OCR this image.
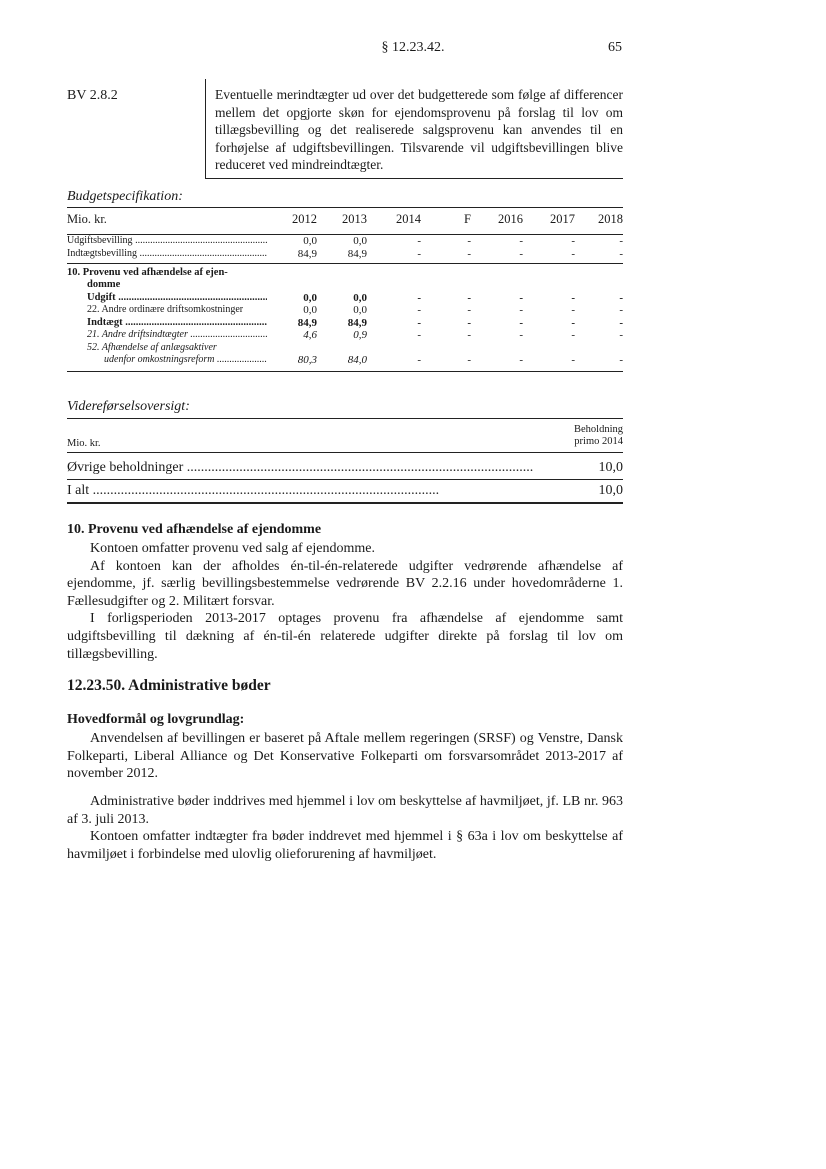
§ 12.23.42.	65
BV 2.8.2	Eventuelle merindtægter ud over det budgetterede som følge af differencer mellem det opgjorte skøn for ejendomsprovenu på forslag til lov om tillægsbevilling og det realiserede salgsprovenu kan anvendes til en forhøjelse af udgiftsbevillingen. Tilsvarende vil udgiftsbevillingen blive reduceret ved mindreindtægter.
Budgetspecifikation:
Mio. kr.	2012	2013	2014	F	2016	2017	2018

Udgiftsbevilling .....	0,0	0,0	-	-	-	-	-
Indtægtsbevilling .....	84,9	84,9	-	-	-	-	-

10. Provenu ved afhændelse af ejen-							
domme							
Udgift .....	0,0	0,0	-	-	-	-	-
22. Andre ordinære driftsomkostninger	0,0	0,0	-	-	-	-	-
Indtægt .....	84,9	84,9	-	-	-	-	-
21. Andre driftsindtægter .....	4,6	0,9	-	-	-	-	-
52. Afhændelse af anlægsaktiver							
udenfor omkostningsreform .....	80,3	84,0	-	-	-	-	-

Videreførselsoversigt:
Beholdning
primo 2014
Mio. kr.
Øvrige beholdninger .....	10,0
I alt .....	10,0
10. Provenu ved afhændelse af ejendomme
Kontoen omfatter provenu ved salg af ejendomme.
Af kontoen kan der afholdes én-til-én-relaterede udgifter vedrørende afhændelse af ejendomme, jf. særlig bevillingsbestemmelse vedrørende BV 2.2.16 under hovedområderne 1. Fællesudgifter og 2. Militært forsvar.
I forligsperioden 2013-2017 optages provenu fra afhændelse af ejendomme samt udgiftsbevilling til dækning af én-til-én relaterede udgifter direkte på forslag til lov om tillægsbevilling.
12.23.50. Administrative bøder
Hovedformål og lovgrundlag:
Anvendelsen af bevillingen er baseret på Aftale mellem regeringen (SRSF) og Venstre, Dansk Folkeparti, Liberal Alliance og Det Konservative Folkeparti om forsvarsområdet 2013-2017 af november 2012.
Administrative bøder inddrives med hjemmel i lov om beskyttelse af havmiljøet, jf. LB nr. 963 af 3. juli 2013.
Kontoen omfatter indtægter fra bøder inddrevet med hjemmel i § 63a i lov om beskyttelse af havmiljøet i forbindelse med ulovlig olieforurening af havmiljøet.
